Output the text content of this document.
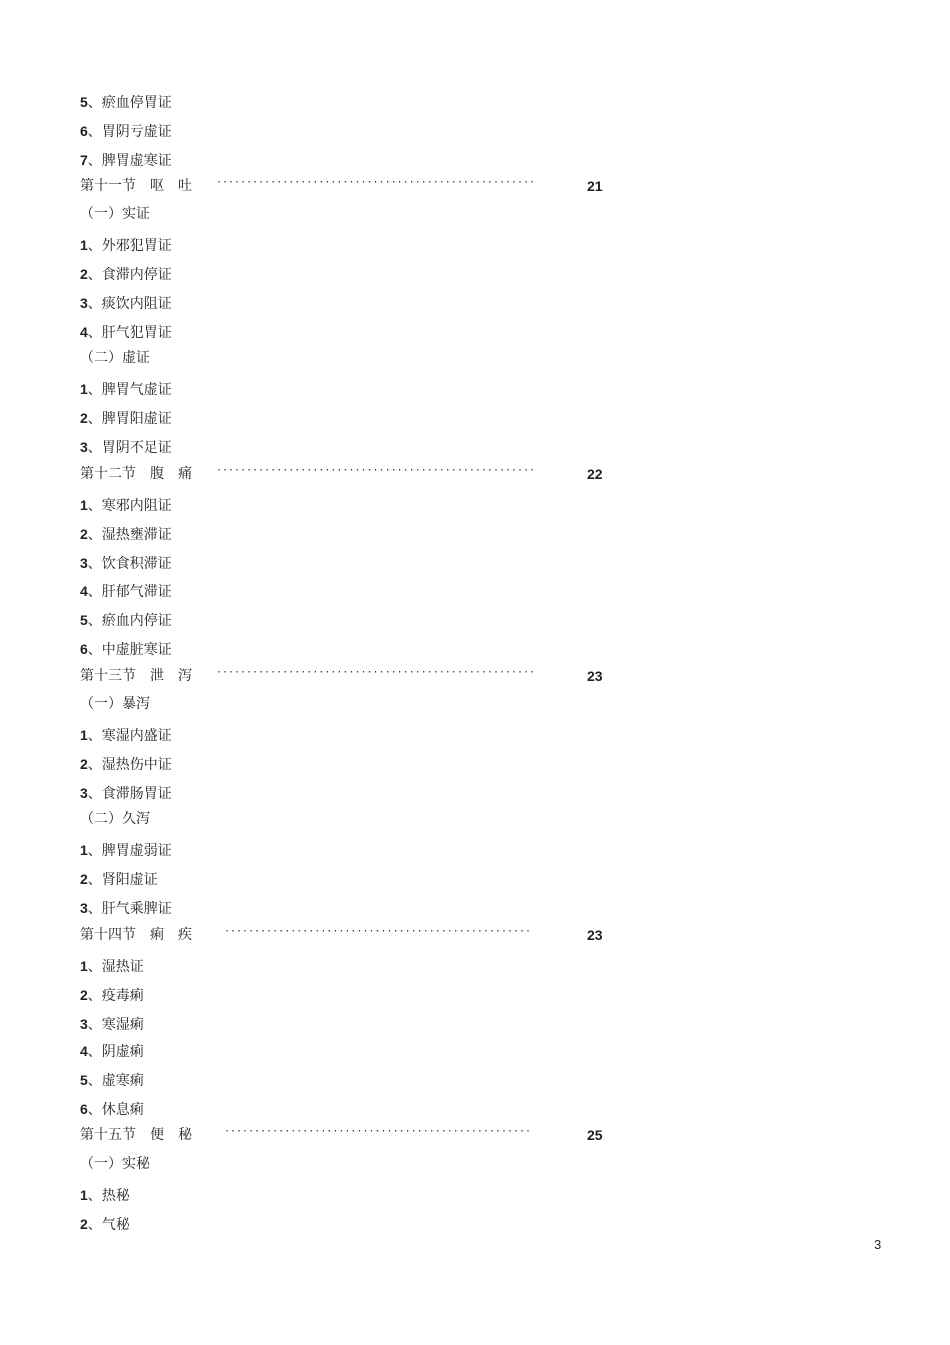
5、瘀血停胃证
6、胃阴亏虚证
7、脾胃虚寒证
第十一节　呕　吐	·····················································	21
（一）实证
1、外邪犯胃证
2、食滞内停证
3、痰饮内阻证
4、肝气犯胃证
（二）虚证
1、脾胃气虚证
2、脾胃阳虚证
3、胃阴不足证
第十二节　腹　痛	·····················································	22
1、寒邪内阻证
2、湿热壅滞证
3、饮食积滞证
4、肝郁气滞证
5、瘀血内停证
6、中虚脏寒证
第十三节　泄　泻	·····················································	23
（一）暴泻
1、寒湿内盛证
2、湿热伤中证
3、食滞肠胃证
（二）久泻
1、脾胃虚弱证
2、肾阳虚证
3、肝气乘脾证
第十四节　痢　疾	···················································	23
1、湿热证
2、疫毒痢
3、寒湿痢
4、阴虚痢
5、虚寒痢
6、休息痢
第十五节　便　秘	···················································	25
（一）实秘
1、热秘
2、气秘
3
